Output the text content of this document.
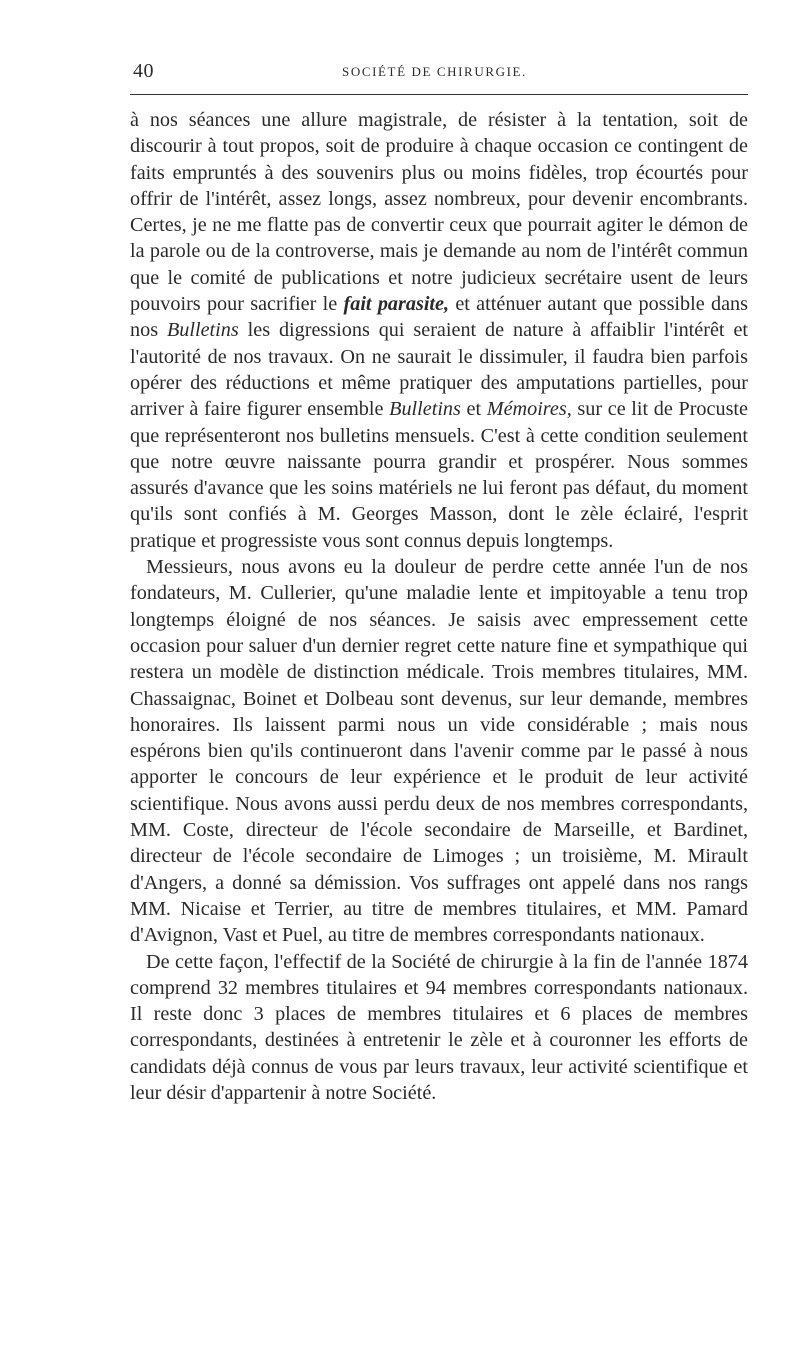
40	SOCIÉTÉ DE CHIRURGIE.

à nos séances une allure magistrale, de résister à la tentation, soit de discourir à tout propos, soit de produire à chaque occasion ce contingent de faits empruntés à des souvenirs plus ou moins fidèles, trop écourtés pour offrir de l'intérêt, assez longs, assez nombreux, pour devenir encombrants. Certes, je ne me flatte pas de convertir ceux que pourrait agiter le démon de la parole ou de la controverse, mais je demande au nom de l'intérêt commun que le comité de publications et notre judicieux secrétaire usent de leurs pouvoirs pour sacrifier le fait parasite, et atténuer autant que possible dans nos Bulletins les digressions qui seraient de nature à affaiblir l'intérêt et l'autorité de nos travaux. On ne saurait le dissimuler, il faudra bien parfois opérer des réductions et même pratiquer des amputations partielles, pour arriver à faire figurer ensemble Bulletins et Mémoires, sur ce lit de Procuste que représenteront nos bulletins mensuels. C'est à cette condition seulement que notre œuvre naissante pourra grandir et prospérer. Nous sommes assurés d'avance que les soins matériels ne lui feront pas défaut, du moment qu'ils sont confiés à M. Georges Masson, dont le zèle éclairé, l'esprit pratique et progressiste vous sont connus depuis longtemps.

Messieurs, nous avons eu la douleur de perdre cette année l'un de nos fondateurs, M. Cullerier, qu'une maladie lente et impitoyable a tenu trop longtemps éloigné de nos séances. Je saisis avec empressement cette occasion pour saluer d'un dernier regret cette nature fine et sympathique qui restera un modèle de distinction médicale. Trois membres titulaires, MM. Chassaignac, Boinet et Dolbeau sont devenus, sur leur demande, membres honoraires. Ils laissent parmi nous un vide considérable ; mais nous espérons bien qu'ils continueront dans l'avenir comme par le passé à nous apporter le concours de leur expérience et le produit de leur activité scientifique. Nous avons aussi perdu deux de nos membres correspondants, MM. Coste, directeur de l'école secondaire de Marseille, et Bardinet, directeur de l'école secondaire de Limoges ; un troisième, M. Mirault d'Angers, a donné sa démission. Vos suffrages ont appelé dans nos rangs MM. Nicaise et Terrier, au titre de membres titulaires, et MM. Pamard d'Avignon, Vast et Puel, au titre de membres correspondants nationaux.

De cette façon, l'effectif de la Société de chirurgie à la fin de l'année 1874 comprend 32 membres titulaires et 94 membres correspondants nationaux. Il reste donc 3 places de membres titulaires et 6 places de membres correspondants, destinées à entretenir le zèle et à couronner les efforts de candidats déjà connus de vous par leurs travaux, leur activité scientifique et leur désir d'appartenir à notre Société.
